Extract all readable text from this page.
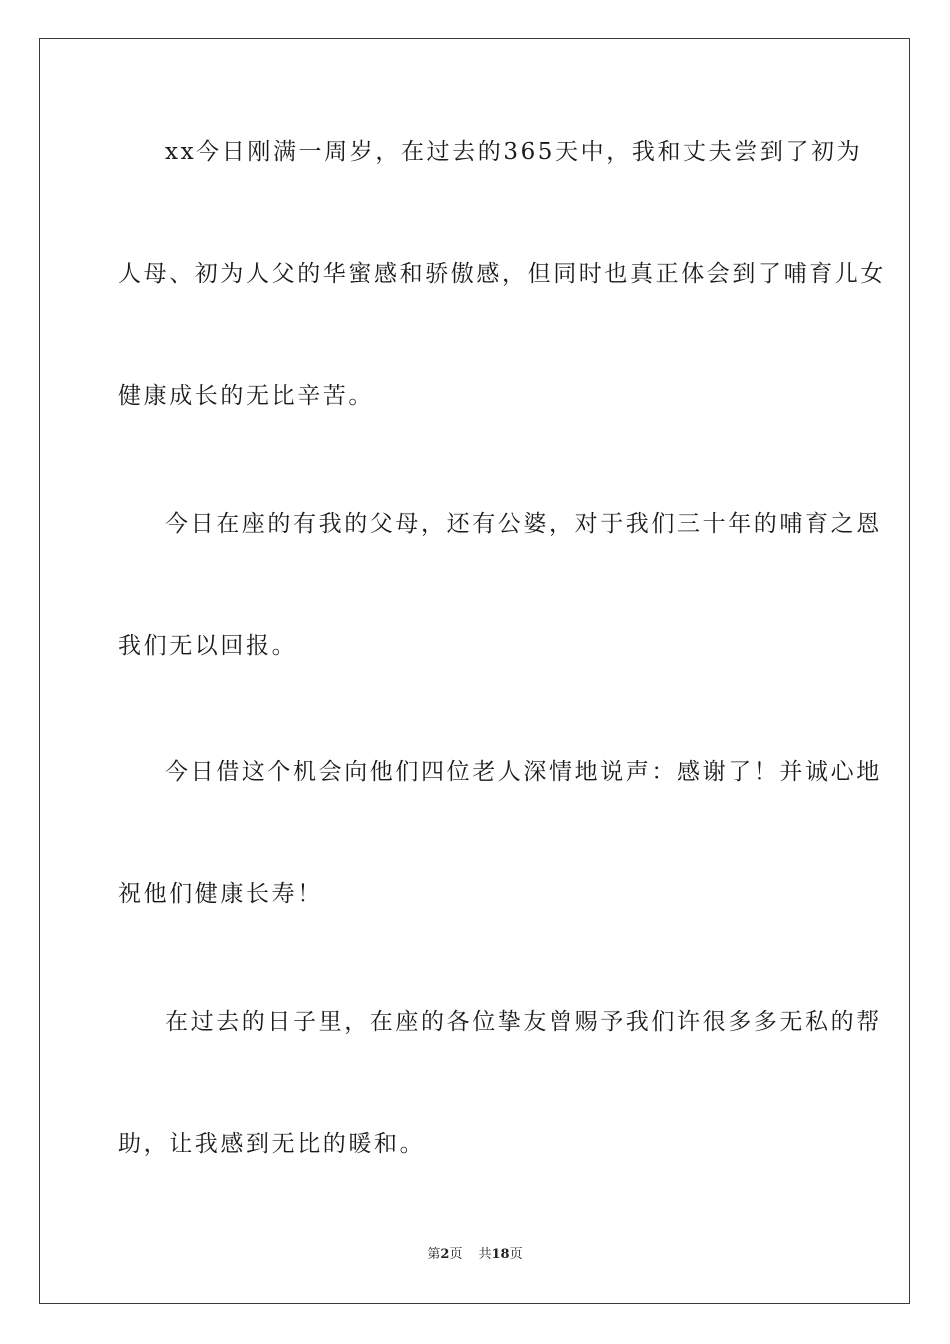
xx今日刚满一周岁，在过去的365天中，我和丈夫尝到了初为
人母、初为人父的华蜜感和骄傲感，但同时也真正体会到了哺育儿女
健康成长的无比辛苦。
今日在座的有我的父母，还有公婆，对于我们三十年的哺育之恩
我们无以回报。
今日借这个机会向他们四位老人深情地说声：感谢了！并诚心地
祝他们健康长寿！
在过去的日子里，在座的各位挚友曾赐予我们许很多多无私的帮
助，让我感到无比的暖和。
第2页 共18页
